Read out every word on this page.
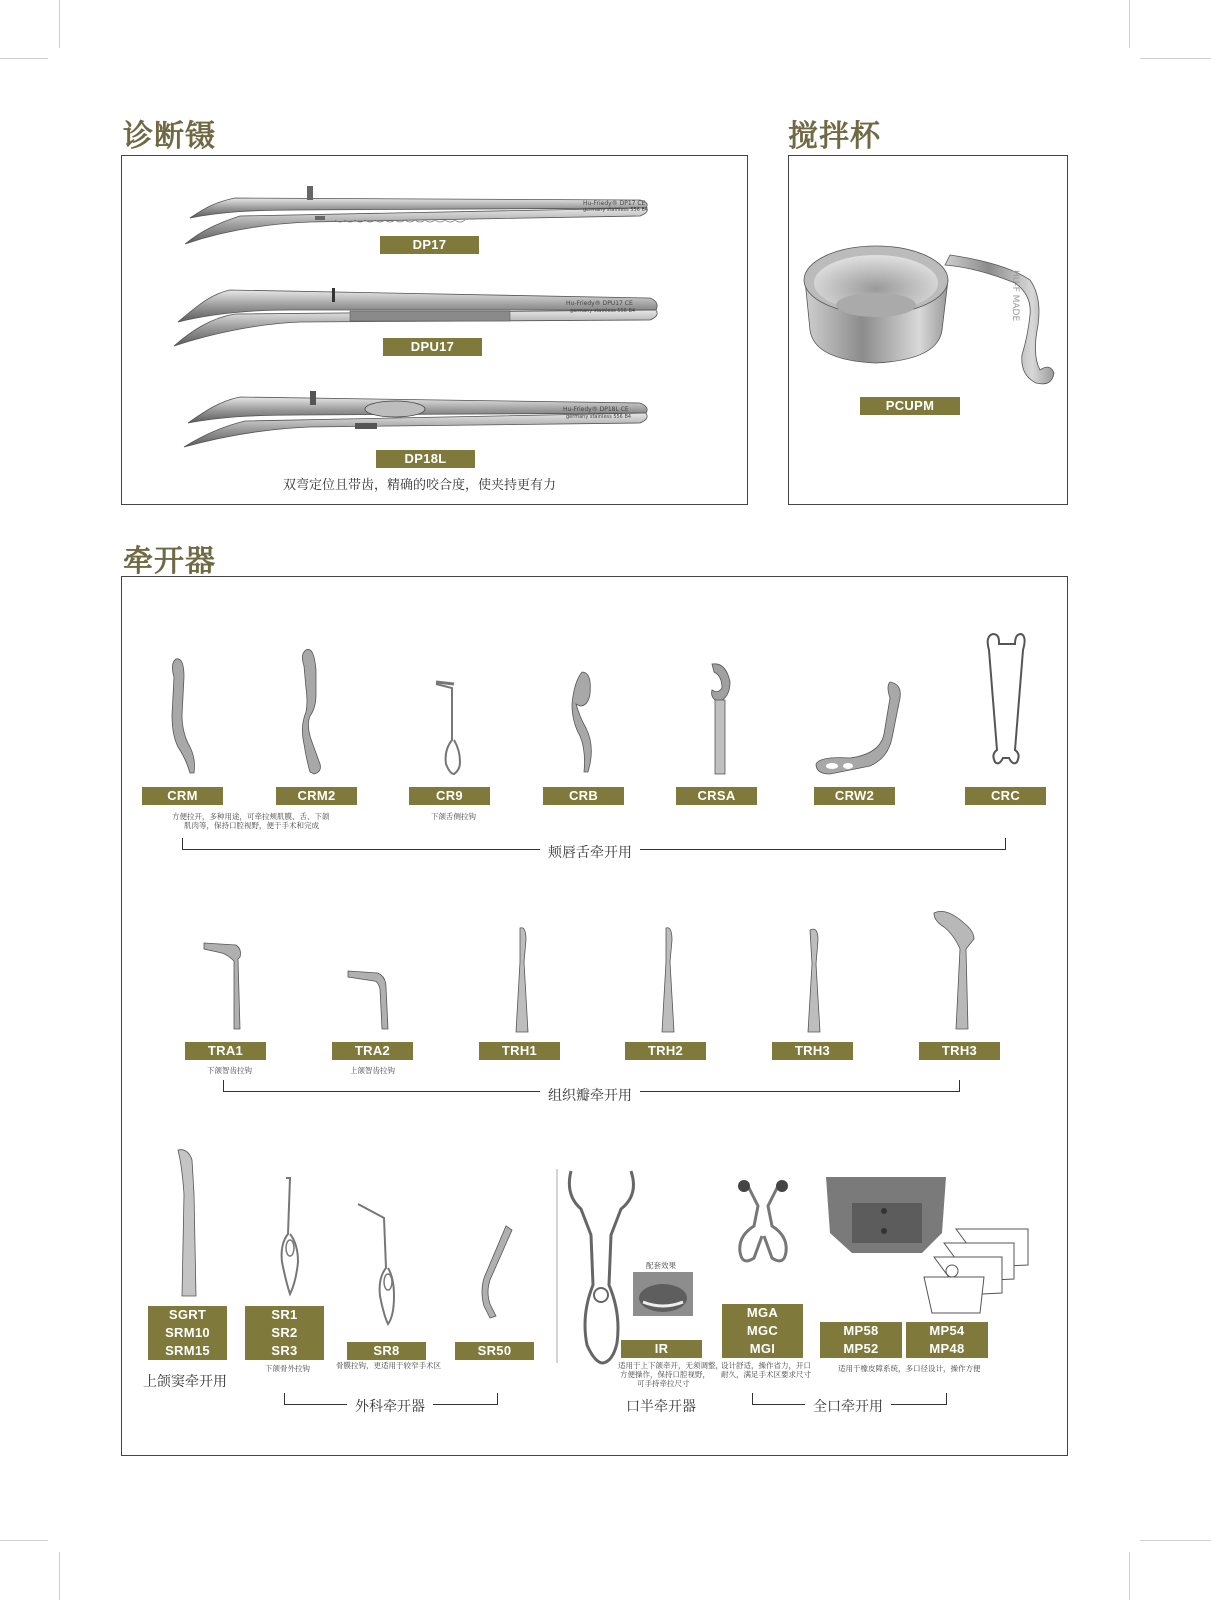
诊断镊	搅拌杯
牵开器
Hu-Friedy® DP17 CE
germany stainless 556 B4
DP17
Hu-Friedy® DPU17 CE
germany stainless 556 B4
DPU17
Hu-Friedy® DP18L CE
germany stainless 556 B4
DP18L
双弯定位且带齿，精确的咬合度，使夹持更有力
HU-F MADE
PCUPM
CRM	CRM2	CR9	CRB	CRSA	CRW2	CRC
方便拉开，多种用途，可牵拉颊肌膜、舌、下颌
肌肉等，保持口腔视野，便于手术和完成
下颌舌侧拉钩
颊唇舌牵开用
TRA1	TRA2	TRH1	TRH2	TRH3	TRH3
下颌智齿拉钩	上颌智齿拉钩
组织瓣牵开用
配套效果
SGRT
SRM10
SRM15
上颌窦牵开用
SR1
SR2
SR3	SR8	SR50
下颌骨外拉钩	骨膜拉钩，更适用于较窄手术区
外科牵开器
IR
适用于上下颌牵开，无须调整，
方便操作，保持口腔视野，
可手持牵拉尺寸
口半牵开器
MGA
MGC
MGI
MP58
MP52
MP54
MP48
设计舒适，操作省力，开口
耐久，满足手术区要求尺寸
适用于橡皮障系统，多口径设计，操作方便
全口牵开用
